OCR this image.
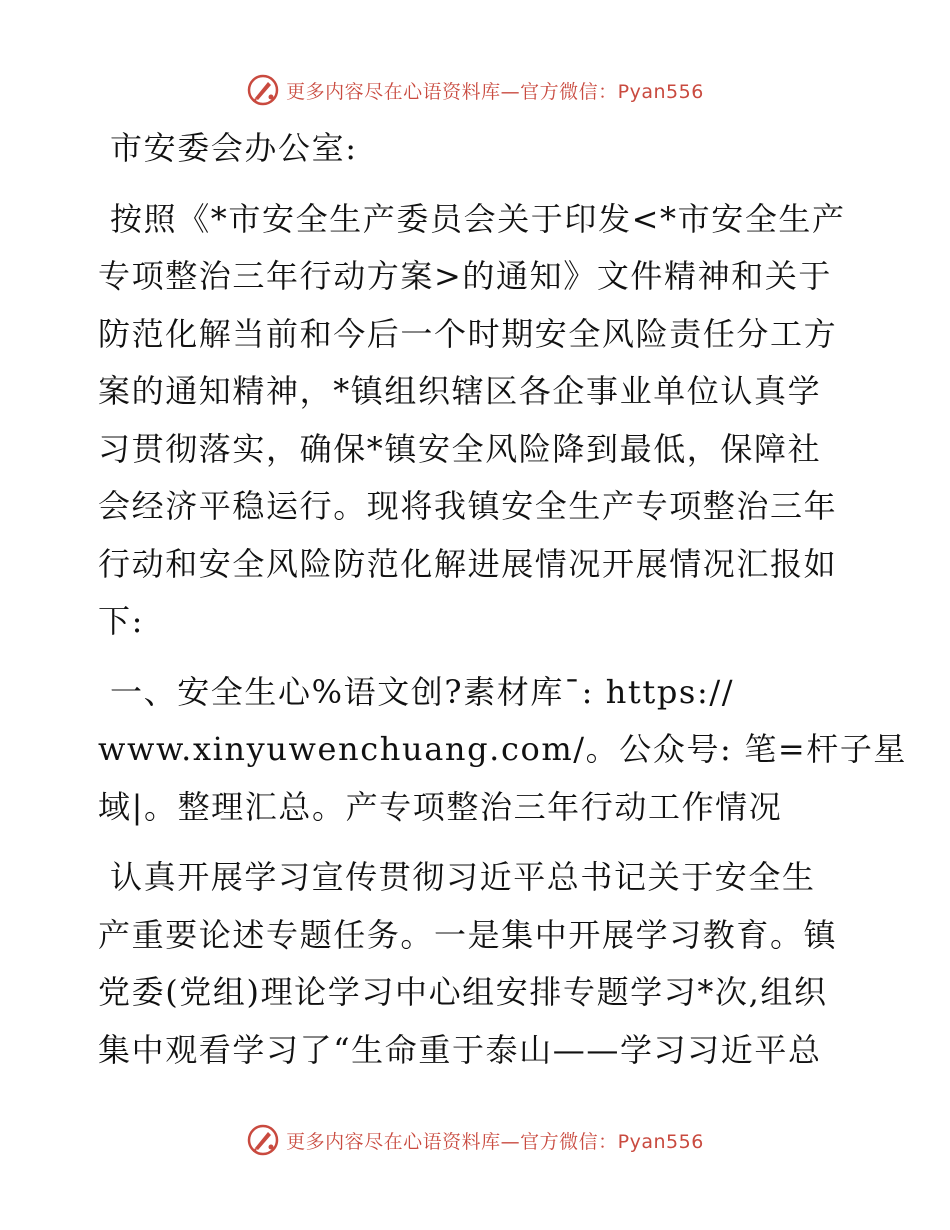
更多内容尽在心语资料库—官方微信：Pyan556
市安委会办公室:
按照《*市安全生产委员会关于印发<*市安全生产
专项整治三年行动方案>的通知》文件精神和关于
防范化解当前和今后一个时期安全风险责任分工方
案的通知精神，*镇组织辖区各企事业单位认真学
习贯彻落实，确保*镇安全风险降到最低，保障社
会经济平稳运行。现将我镇安全生产专项整治三年
行动和安全风险防范化解进展情况开展情况汇报如
下:
一、安全生心%语文创?素材库¯: https://
www.xinyuwenchuang.com/。公众号: 笔=杆子星
域|。整理汇总。产专项整治三年行动工作情况
认真开展学习宣传贯彻习近平总书记关于安全生
产重要论述专题任务。一是集中开展学习教育。镇
党委(党组)理论学习中心组安排专题学习*次,组织
集中观看学习了“生命重于泰山——学习习近平总
更多内容尽在心语资料库—官方微信：Pyan556
